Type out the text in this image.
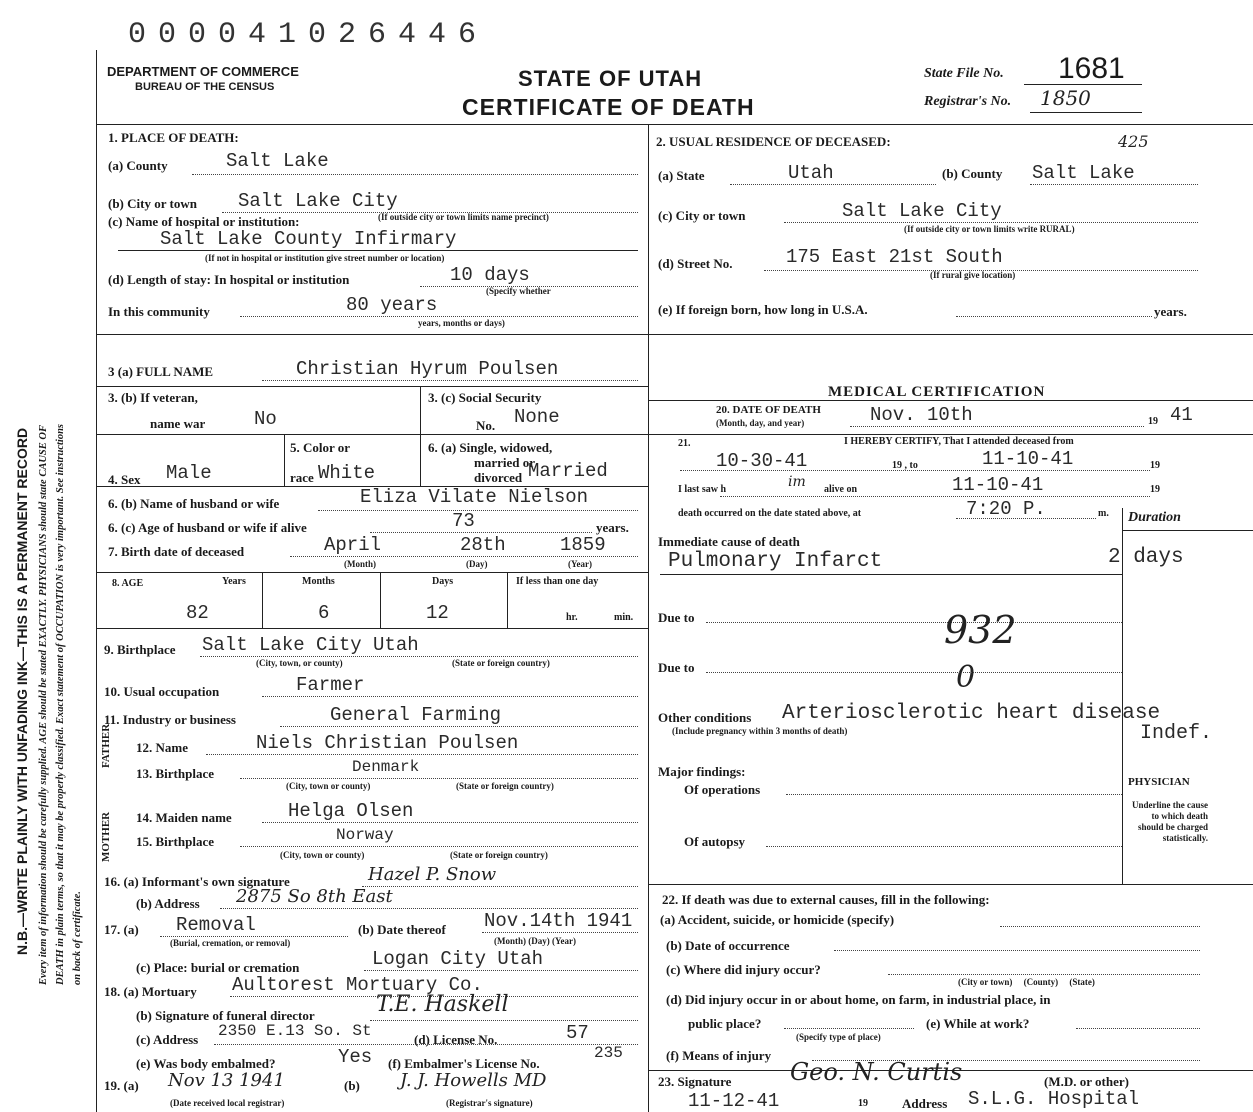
000041026446
DEPARTMENT OF COMMERCE
BUREAU OF THE CENSUS	STATE OF UTAH
CERTIFICATE OF DEATH
State File No. 1681
Registrar's No. 1850
N.B.—WRITE PLAINLY WITH UNFADING INK—THIS IS A PERMANENT RECORD Every item of information should be carefully supplied. AGE should be stated EXACTLY. PHYSICIANS should state CAUSE OF DEATH in plain terms, so that it may be properly classified. Exact statement of OCCUPATION is very important. See instructions on back of certificate.
FATHER
MOTHER
1. PLACE OF DEATH:
(a) County	Salt Lake
(b) City or town Salt Lake City
(c) Name of hospital or institution:	(If outside city or town limits name precinct)
Salt Lake County Infirmary
(If not in hospital or institution give street number or location)
(d) Length of stay: In hospital or institution	10 days
(Specify whether
In this community	80 years
years, months or days)
2. USUAL RESIDENCE OF DECEASED:	425
(a) State	Utah	(b) County Salt Lake
(c) City or town	Salt Lake City
(If outside city or town limits write RURAL)
(d) Street No.	175 East 21st South
(If rural give location)
(e) If foreign born, how long in U.S.A.	years.
3 (a) FULL NAME	Christian Hyrum Poulsen
3. (b) If veteran,
name war	No
3. (c) Social Security
No. None
4. Sex Male
5. Color or
race White
6. (a) Single, widowed,
married or
divorced Married
6. (b) Name of husband or wife	Eliza Vilate Nielson
6. (c) Age of husband or wife if alive	73	years.
7. Birth date of deceased	April	28th	1859
(Month)	(Day)	(Year)
8. AGE	Years	Months	Days	If less than one day
82	6	12	hr.	min.
9. Birthplace Salt Lake City Utah
(City, town, or county)	(State or foreign country)
10. Usual occupation	Farmer
11. Industry or business	General Farming
12. Name	Niels Christian Poulsen
13. Birthplace	Denmark
(City, town or county)	(State or foreign country)
14. Maiden name	Helga Olsen
15. Birthplace	Norway
(City, town or county)	(State or foreign country)
16. (a) Informant's own signature	Hazel P. Snow
(b) Address 2875 So 8th East
17. (a) Removal
(Burial, cremation, or removal)
(b) Date thereof Nov.14th 1941
(Month) (Day) (Year)
(c) Place: burial or cremation	Logan City Utah
18. (a) Mortuary Aultorest Mortuary Co.
(b) Signature of funeral director	T.E. Haskell
(c) Address 2350 E.13 So. St	(d) License No.	57
(e) Was body embalmed?	Yes (f) Embalmer's License No.
235
19. (a) Nov 13 1941	(b) J. J. Howells MD
(Date received local registrar)	(Registrar's signature)
MEDICAL CERTIFICATION
20. DATE OF DEATH
(Month, day, and year)	Nov. 10th	19 41
21.	I HEREBY CERTIFY, That I attended deceased from
10-30-41	19 , to	11-10-41	19
I last saw h	im alive on	11-10-41	19
death occurred on the date stated above, at	7:20 P.	m. Duration
Immediate cause of death
Pulmonary Infarct	2 days
Due to	932
0
Due to
Other conditions Arteriosclerotic heart disease
(Include pregnancy within 3 months of death)	Indef.
Major findings:
Of operations
Of autopsy
PHYSICIAN
Underline the cause to which death should be charged statistically.
22. If death was due to external causes, fill in the following:
(a) Accident, suicide, or homicide (specify)
(b) Date of occurrence
(c) Where did injury occur?
(City or town)     (County)     (State)
(d) Did injury occur in or about home, on farm, in industrial place, in
public place?
(Specify type of place)
(e) While at work?
(f) Means of injury
23. Signature Geo. N. Curtis	(M.D. or other)
11-12-41	19	Address S.L.G. Hospital
